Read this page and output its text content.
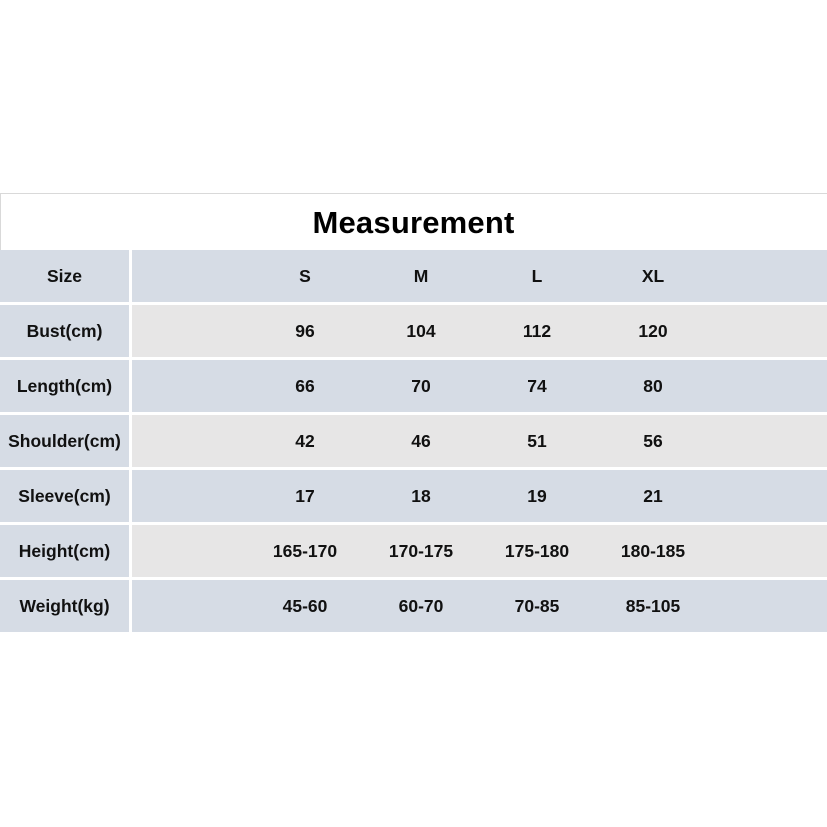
Measurement
Size	S	M	L	XL
Bust(cm)	96	104	112	120
Length(cm)	66	70	74	80
Shoulder(cm)	42	46	51	56
Sleeve(cm)	17	18	19	21
Height(cm)	165-170	170-175	175-180	180-185
Weight(kg)	45-60	60-70	70-85	85-105
